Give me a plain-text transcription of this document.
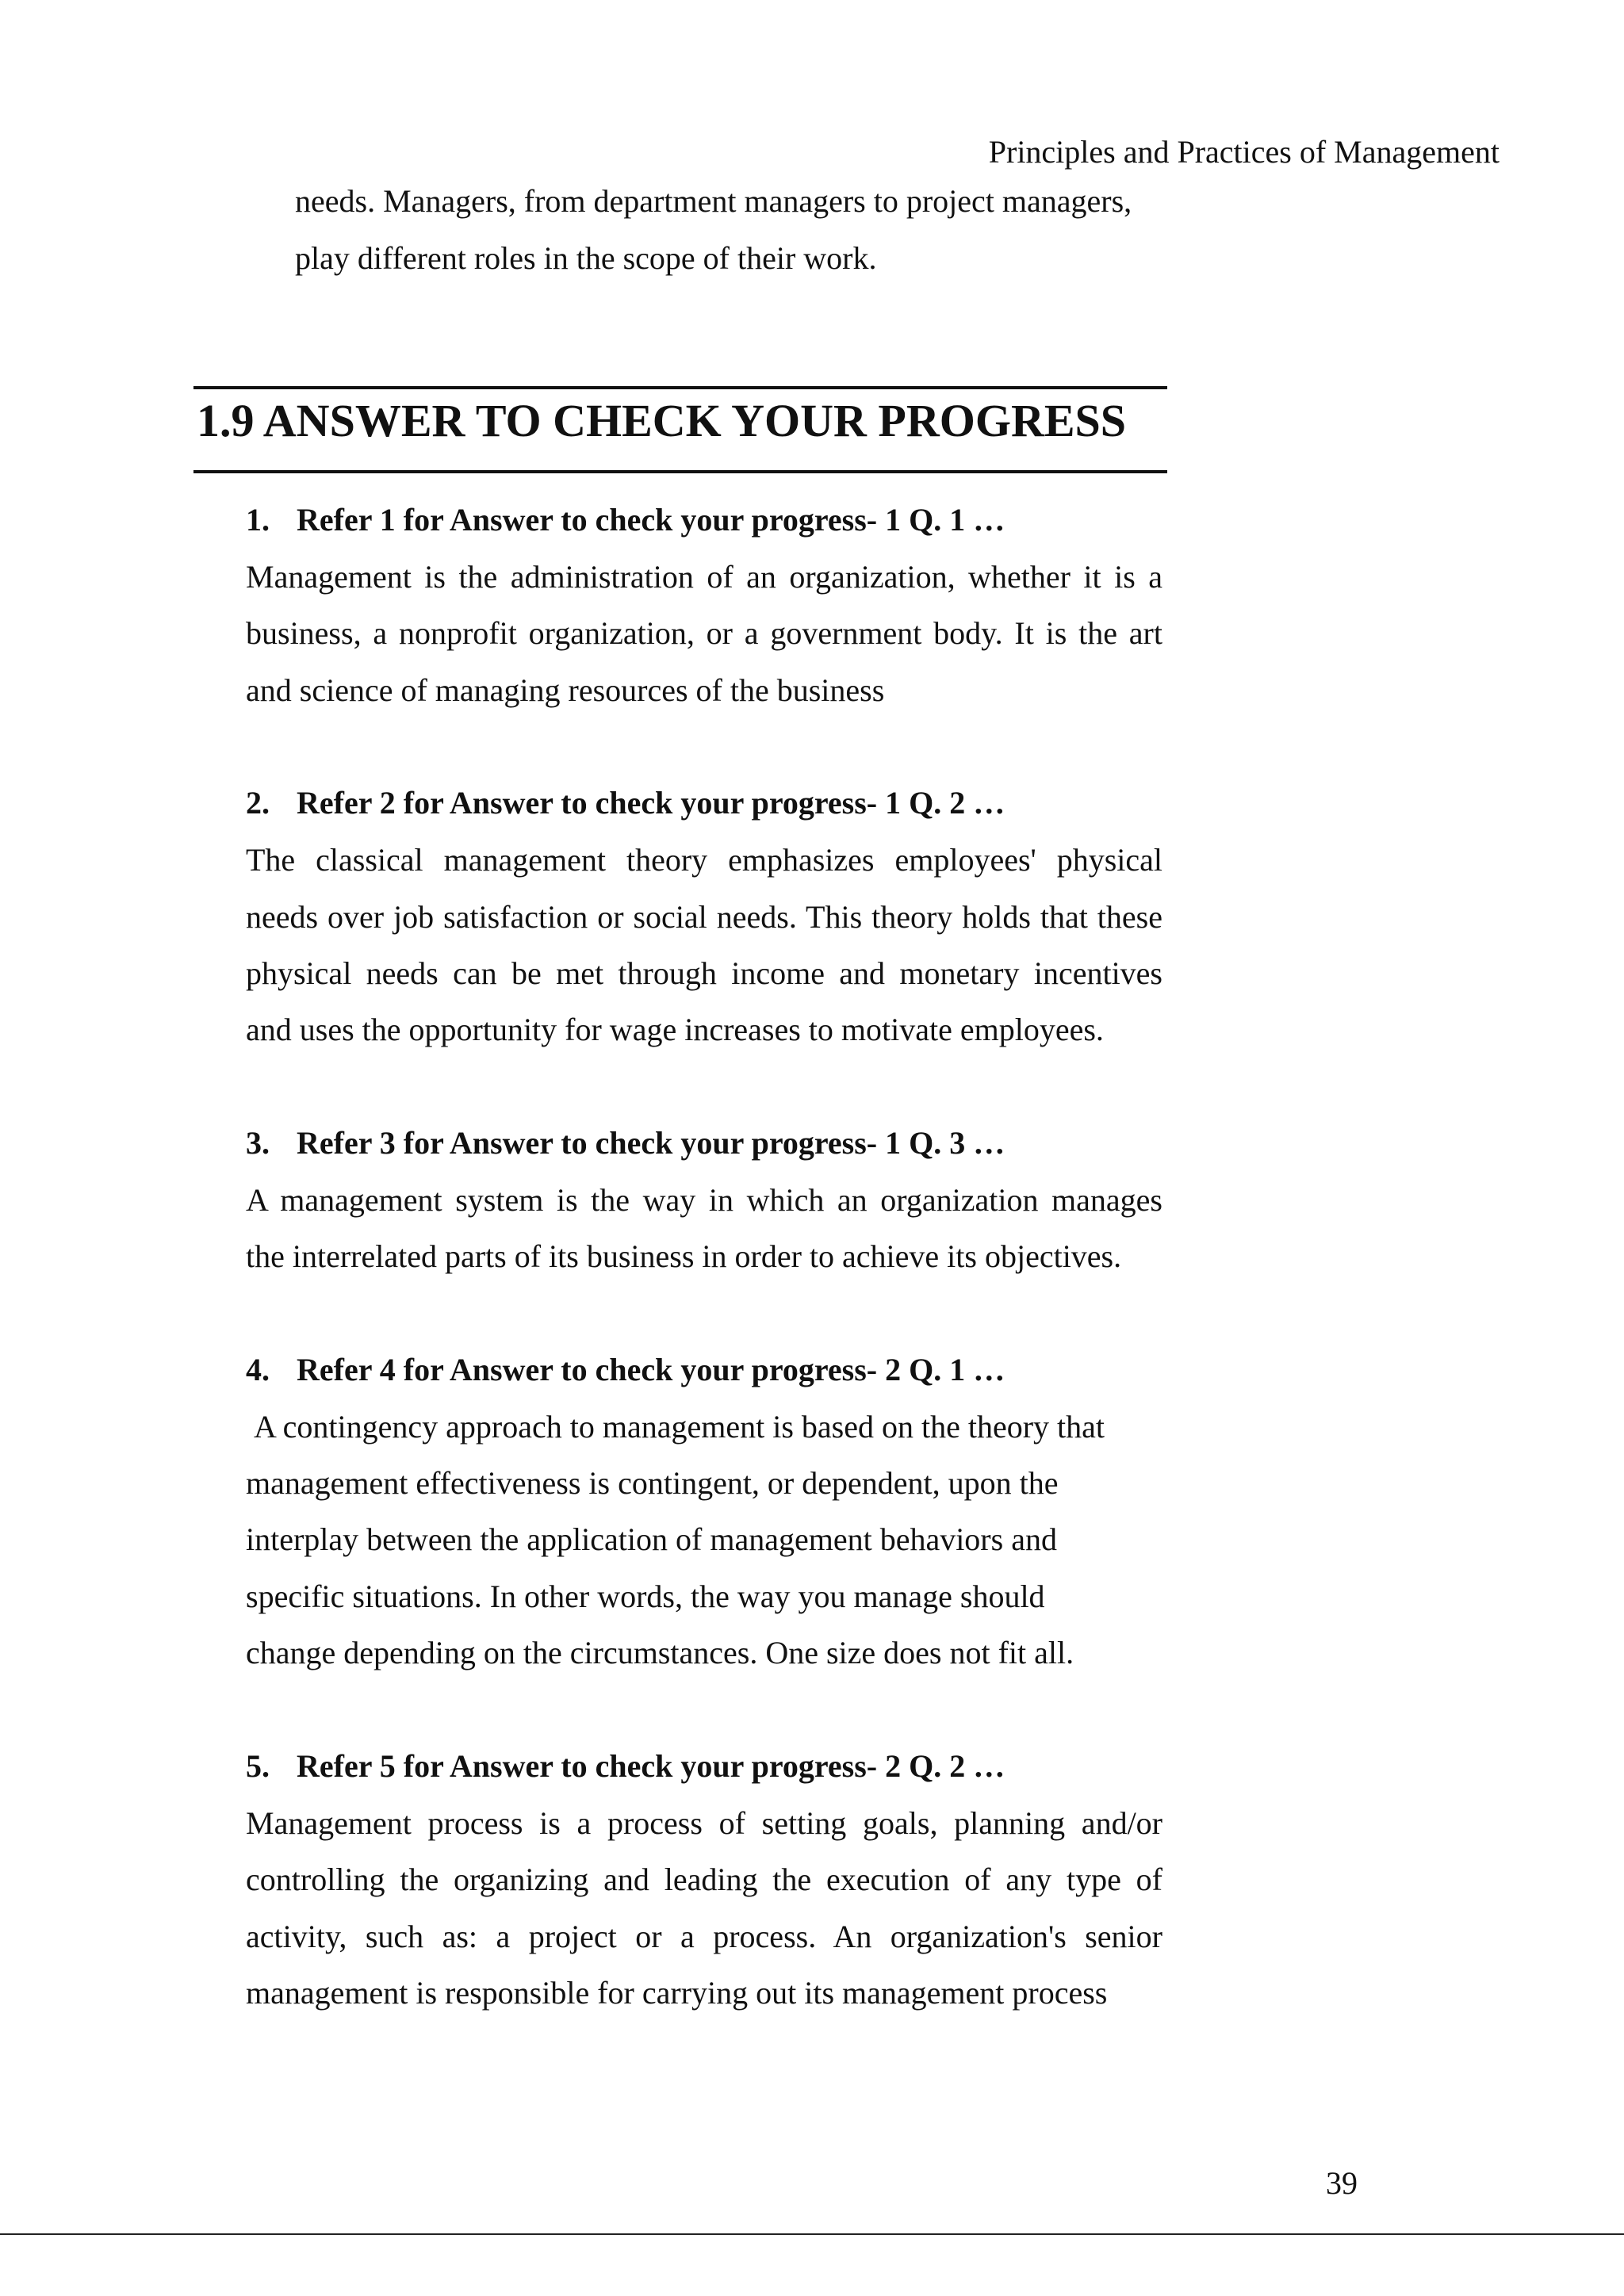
Principles and Practices of Management

needs. Managers, from department managers to project managers,

play different roles in the scope of their work.

1.9 ANSWER TO CHECK YOUR PROGRESS

1. Refer 1 for Answer to check your progress- 1 Q. 1 …

Management is the administration of an organization, whether it is a
business, a nonprofit organization, or a government body. It is the art
and science of managing resources of the business

2. Refer 2 for Answer to check your progress- 1 Q. 2 …

The classical management theory emphasizes employees' physical
needs over job satisfaction or social needs. This theory holds that these
physical needs can be met through income and monetary incentives
and uses the opportunity for wage increases to motivate employees.

3. Refer 3 for Answer to check your progress- 1 Q. 3 …

A management system is the way in which an organization manages
the interrelated parts of its business in order to achieve its objectives.

4. Refer 4 for Answer to check your progress- 2 Q. 1 …

A contingency approach to management is based on the theory that
management effectiveness is contingent, or dependent, upon the
interplay between the application of management behaviors and
specific situations. In other words, the way you manage should
change depending on the circumstances. One size does not fit all.

5. Refer 5 for Answer to check your progress- 2 Q. 2 …

Management process is a process of setting goals, planning and/or
controlling the organizing and leading the execution of any type of
activity, such as: a project or a process. An organization's senior
management is responsible for carrying out its management process

39
